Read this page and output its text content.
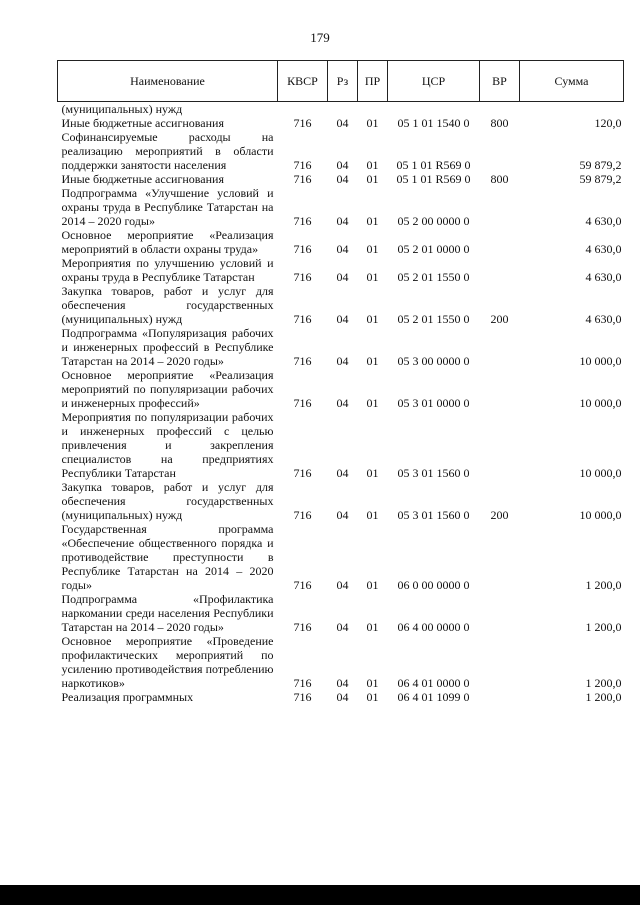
179
Наименование	КВСР	Рз	ПР	ЦСР	ВР	Сумма
(муниципальных) нужд						
Иные бюджетные ассигнования	716	04	01	05 1 01 1540 0	800	120,0
Софинансируемые расходы на реализацию мероприятий в области поддержки занятости населения	716	04	01	05 1 01 R569 0		59 879,2
Иные бюджетные ассигнования	716	04	01	05 1 01 R569 0	800	59 879,2
Подпрограмма «Улучшение условий и охраны труда в Республике Татарстан на 2014 – 2020 годы»	716	04	01	05 2 00 0000 0		4 630,0
Основное мероприятие «Реализация мероприятий в области охраны труда»	716	04	01	05 2 01 0000 0		4 630,0
Мероприятия по улучшению условий и охраны труда в Республике Татарстан	716	04	01	05 2 01 1550 0		4 630,0
Закупка товаров, работ и услуг для обеспечения государственных (муниципальных) нужд	716	04	01	05 2 01 1550 0	200	4 630,0
Подпрограмма «Популяризация рабочих и инженерных профессий в Республике Татарстан на 2014 – 2020 годы»	716	04	01	05 3 00 0000 0		10 000,0
Основное мероприятие «Реализация мероприятий по популяризации рабочих и инженерных профессий»	716	04	01	05 3 01 0000 0		10 000,0
Мероприятия по популяризации рабочих и инженерных профессий с целью привлечения и закрепления специалистов на предприятиях Республики Татарстан	716	04	01	05 3 01 1560 0		10 000,0
Закупка товаров, работ и услуг для обеспечения государственных (муниципальных) нужд	716	04	01	05 3 01 1560 0	200	10 000,0
Государственная программа «Обеспечение общественного порядка и противодействие преступности в Республике Татарстан на 2014 – 2020 годы»	716	04	01	06 0 00 0000 0		1 200,0
Подпрограмма «Профилактика наркомании среди населения Республики Татарстан на 2014 – 2020 годы»	716	04	01	06 4 00 0000 0		1 200,0
Основное мероприятие «Проведение профилактических мероприятий по усилению противодействия потреблению наркотиков»	716	04	01	06 4 01 0000 0		1 200,0
Реализация программных	716	04	01	06 4 01 1099 0		1 200,0
